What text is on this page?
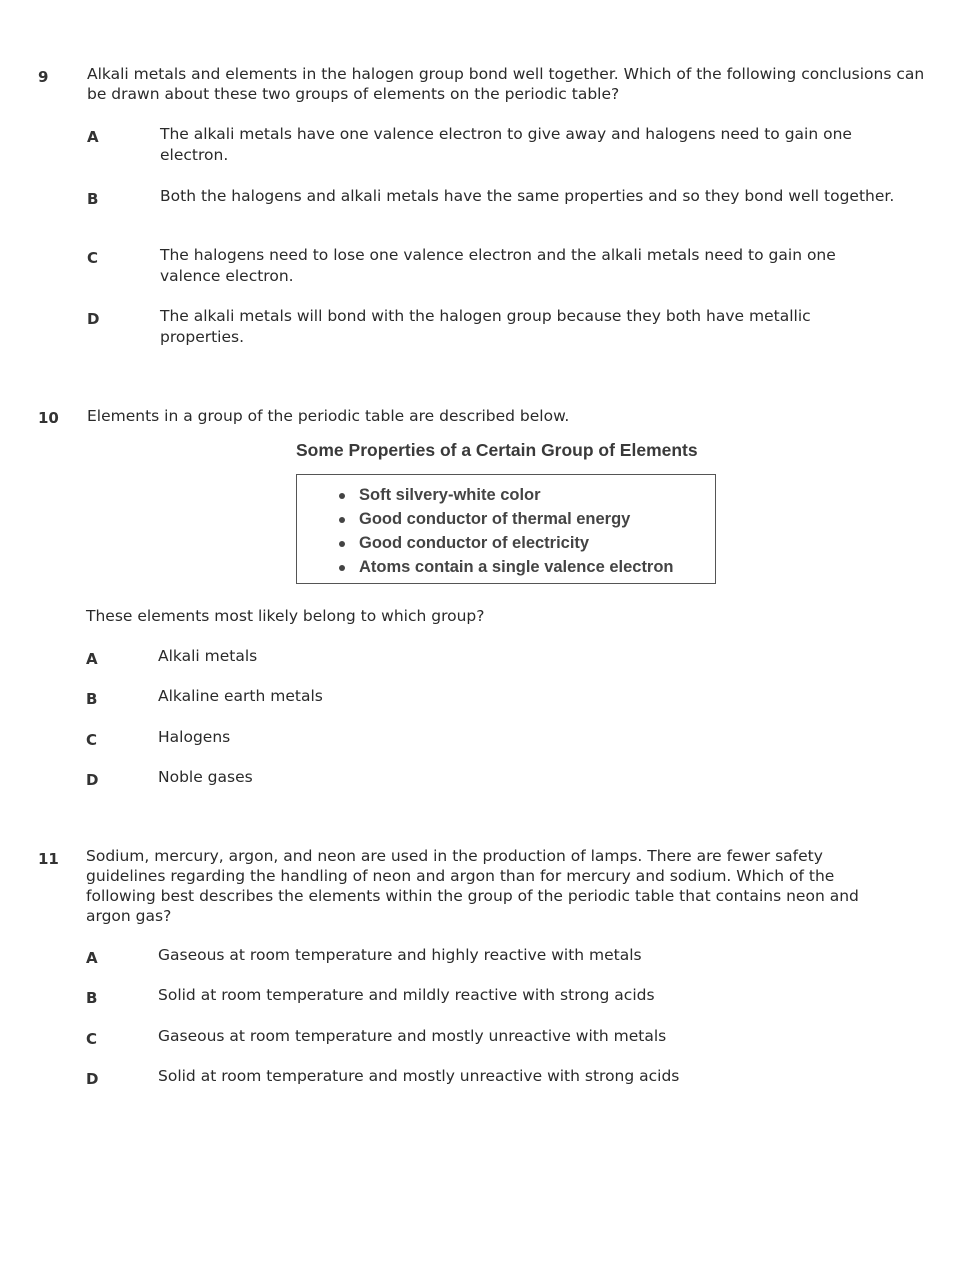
9 Alkali metals and elements in the halogen group bond well together. Which of the following conclusions can be drawn about these two groups of elements on the periodic table?
A	The alkali metals have one valence electron to give away and halogens need to gain one electron.
B	Both the halogens and alkali metals have the same properties and so they bond well together.
C	The halogens need to lose one valence electron and the alkali metals need to gain one valence electron.
D	The alkali metals will bond with the halogen group because they both have metallic properties.
10 Elements in a group of the periodic table are described below.
Some Properties of a Certain Group of Elements
Soft silvery-white color
Good conductor of thermal energy
Good conductor of electricity
Atoms contain a single valence electron
These elements most likely belong to which group?
A	Alkali metals
B	Alkaline earth metals
C	Halogens
D	Noble gases
11 Sodium, mercury, argon, and neon are used in the production of lamps. There are fewer safety guidelines regarding the handling of neon and argon than for mercury and sodium. Which of the following best describes the elements within the group of the periodic table that contains neon and argon gas?
A	Gaseous at room temperature and highly reactive with metals
B	Solid at room temperature and mildly reactive with strong acids
C	Gaseous at room temperature and mostly unreactive with metals
D	Solid at room temperature and mostly unreactive with strong acids
